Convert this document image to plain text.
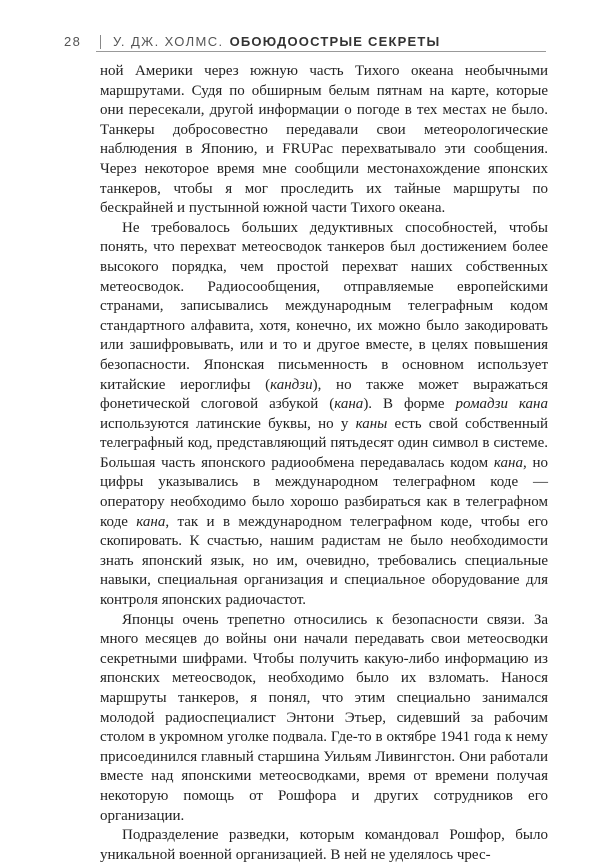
28	У. ДЖ. ХОЛМС. ОБОЮДООСТРЫЕ СЕКРЕТЫ

ной Америки через южную часть Тихого океана необычными маршрутами. Судя по обширным белым пятнам на карте, которые они пересекали, другой информации о погоде в тех местах не было. Танкеры добросовестно передавали свои метеорологические наблюдения в Японию, и FRUPac перехватывало эти сообщения. Через некоторое время мне сообщили местонахождение японских танкеров, чтобы я мог проследить их тайные маршруты по бескрайней и пустынной южной части Тихого океана.

Не требовалось больших дедуктивных способностей, чтобы понять, что перехват метеосводок танкеров был достижением более высокого порядка, чем простой перехват наших собственных метеосводок. Радиосообщения, отправляемые европейскими странами, записывались международным телеграфным кодом стандартного алфавита, хотя, конечно, их можно было закодировать или зашифровывать, или и то и другое вместе, в целях повышения безопасности. Японская письменность в основном использует китайские иероглифы (кандзи), но также может выражаться фонетической слоговой азбукой (кана). В форме ромадзи кана используются латинские буквы, но у каны есть свой собственный телеграфный код, представляющий пятьдесят один символ в системе. Большая часть японского радиообмена передавалась кодом кана, но цифры указывались в международном телеграфном коде — оператору необходимо было хорошо разбираться как в телеграфном коде кана, так и в международном телеграфном коде, чтобы его скопировать. К счастью, нашим радистам не было необходимости знать японский язык, но им, очевидно, требовались специальные навыки, специальная организация и специальное оборудование для контроля японских радиочастот.

Японцы очень трепетно относились к безопасности связи. За много месяцев до войны они начали передавать свои метеосводки секретными шифрами. Чтобы получить какую-либо информацию из японских метеосводок, необходимо было их взломать. Нанося маршруты танкеров, я понял, что этим специально занимался молодой радиоспециалист Энтони Этьер, сидевший за рабочим столом в укромном уголке подвала. Где-то в октябре 1941 года к нему присоединился главный старшина Уильям Ливингстон. Они работали вместе над японскими метеосводками, время от времени получая некоторую помощь от Рошфора и других сотрудников его организации.

Подразделение разведки, которым командовал Рошфор, было уникальной военной организацией. В ней не уделялось чрес-
